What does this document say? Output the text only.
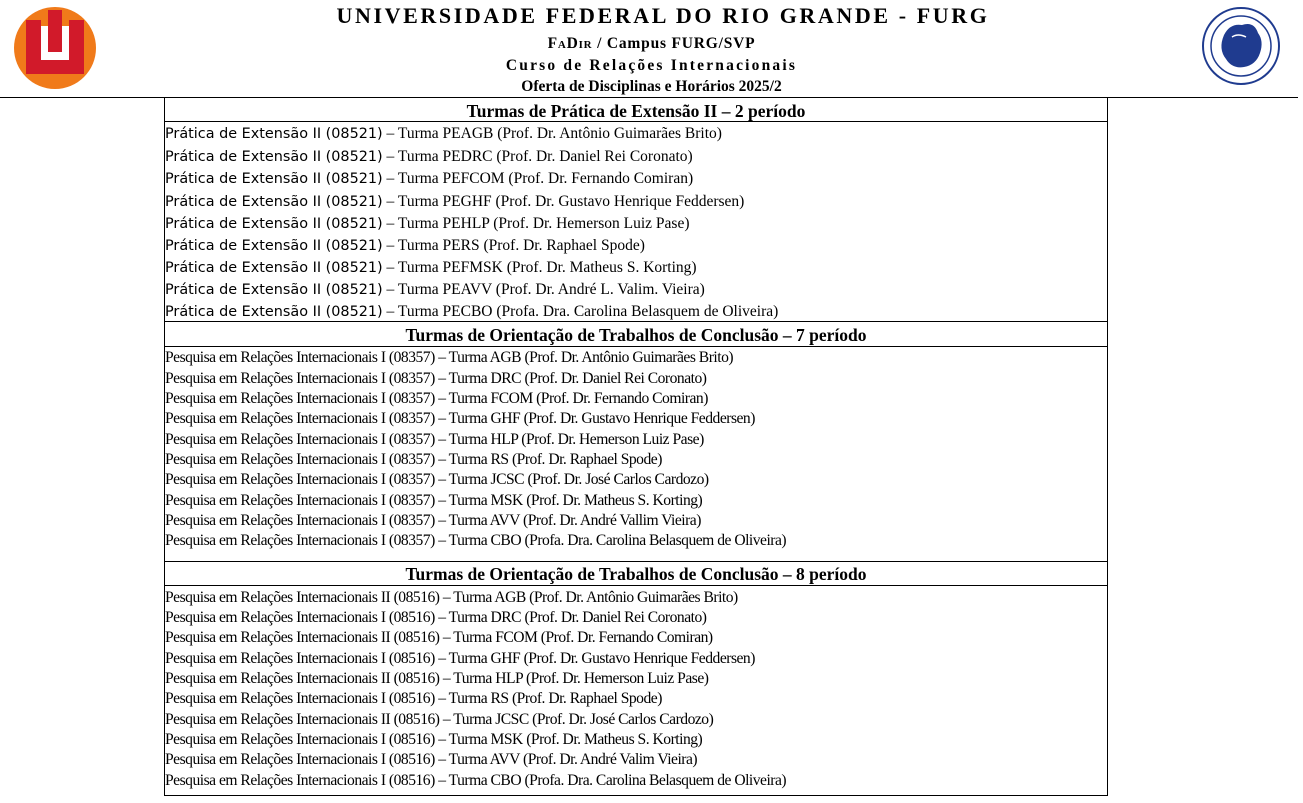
UNIVERSIDADE FEDERAL DO RIO GRANDE - FURG
FaDir / Campus FURG/SVP
Curso de Relações Internacionais
Oferta de Disciplinas e Horários 2025/2
Turmas de Prática de Extensão II – 2 período
Prática de Extensão II (08521) – Turma PEAGB (Prof. Dr. Antônio Guimarães Brito)
Prática de Extensão II (08521) – Turma PEDRC (Prof. Dr. Daniel Rei Coronato)
Prática de Extensão II (08521) – Turma PEFCOM (Prof. Dr. Fernando Comiran)
Prática de Extensão II (08521) – Turma PEGHF (Prof. Dr. Gustavo Henrique Feddersen)
Prática de Extensão II (08521) – Turma PEHLP (Prof. Dr. Hemerson Luiz Pase)
Prática de Extensão II (08521) – Turma PERS (Prof. Dr. Raphael Spode)
Prática de Extensão II (08521) – Turma PEFMSK (Prof. Dr. Matheus S. Korting)
Prática de Extensão II (08521) – Turma PEAVV (Prof. Dr. André L. Valim. Vieira)
Prática de Extensão II (08521) – Turma PECBO (Profa. Dra. Carolina Belasquem de Oliveira)
Turmas de Orientação de Trabalhos de Conclusão – 7 período
Pesquisa em Relações Internacionais I (08357) – Turma AGB (Prof. Dr. Antônio Guimarães Brito)
Pesquisa em Relações Internacionais I (08357) – Turma DRC (Prof. Dr. Daniel Rei Coronato)
Pesquisa em Relações Internacionais I (08357) – Turma FCOM (Prof. Dr. Fernando Comiran)
Pesquisa em Relações Internacionais I (08357) – Turma GHF (Prof. Dr. Gustavo Henrique Feddersen)
Pesquisa em Relações Internacionais I (08357) – Turma HLP (Prof. Dr. Hemerson Luiz Pase)
Pesquisa em Relações Internacionais I (08357) – Turma RS (Prof. Dr. Raphael Spode)
Pesquisa em Relações Internacionais I (08357) – Turma JCSC (Prof. Dr. José Carlos Cardozo)
Pesquisa em Relações Internacionais I (08357) – Turma MSK (Prof. Dr. Matheus S. Korting)
Pesquisa em Relações Internacionais I (08357) – Turma AVV (Prof. Dr. André Vallim Vieira)
Pesquisa em Relações Internacionais I (08357) – Turma CBO (Profa. Dra. Carolina Belasquem de Oliveira)
Turmas de Orientação de Trabalhos de Conclusão – 8 período
Pesquisa em Relações Internacionais II (08516) – Turma AGB (Prof. Dr. Antônio Guimarães Brito)
Pesquisa em Relações Internacionais I (08516) – Turma DRC (Prof. Dr. Daniel Rei Coronato)
Pesquisa em Relações Internacionais II (08516) – Turma FCOM (Prof. Dr. Fernando Comiran)
Pesquisa em Relações Internacionais I (08516) – Turma GHF (Prof. Dr. Gustavo Henrique Feddersen)
Pesquisa em Relações Internacionais II (08516) – Turma HLP (Prof. Dr. Hemerson Luiz Pase)
Pesquisa em Relações Internacionais I (08516) – Turma RS (Prof. Dr. Raphael Spode)
Pesquisa em Relações Internacionais II (08516) – Turma JCSC (Prof. Dr. José Carlos Cardozo)
Pesquisa em Relações Internacionais I (08516) – Turma MSK (Prof. Dr. Matheus S. Korting)
Pesquisa em Relações Internacionais I (08516) – Turma AVV (Prof. Dr. André Valim Vieira)
Pesquisa em Relações Internacionais I (08516) – Turma CBO (Profa. Dra. Carolina Belasquem de Oliveira)
